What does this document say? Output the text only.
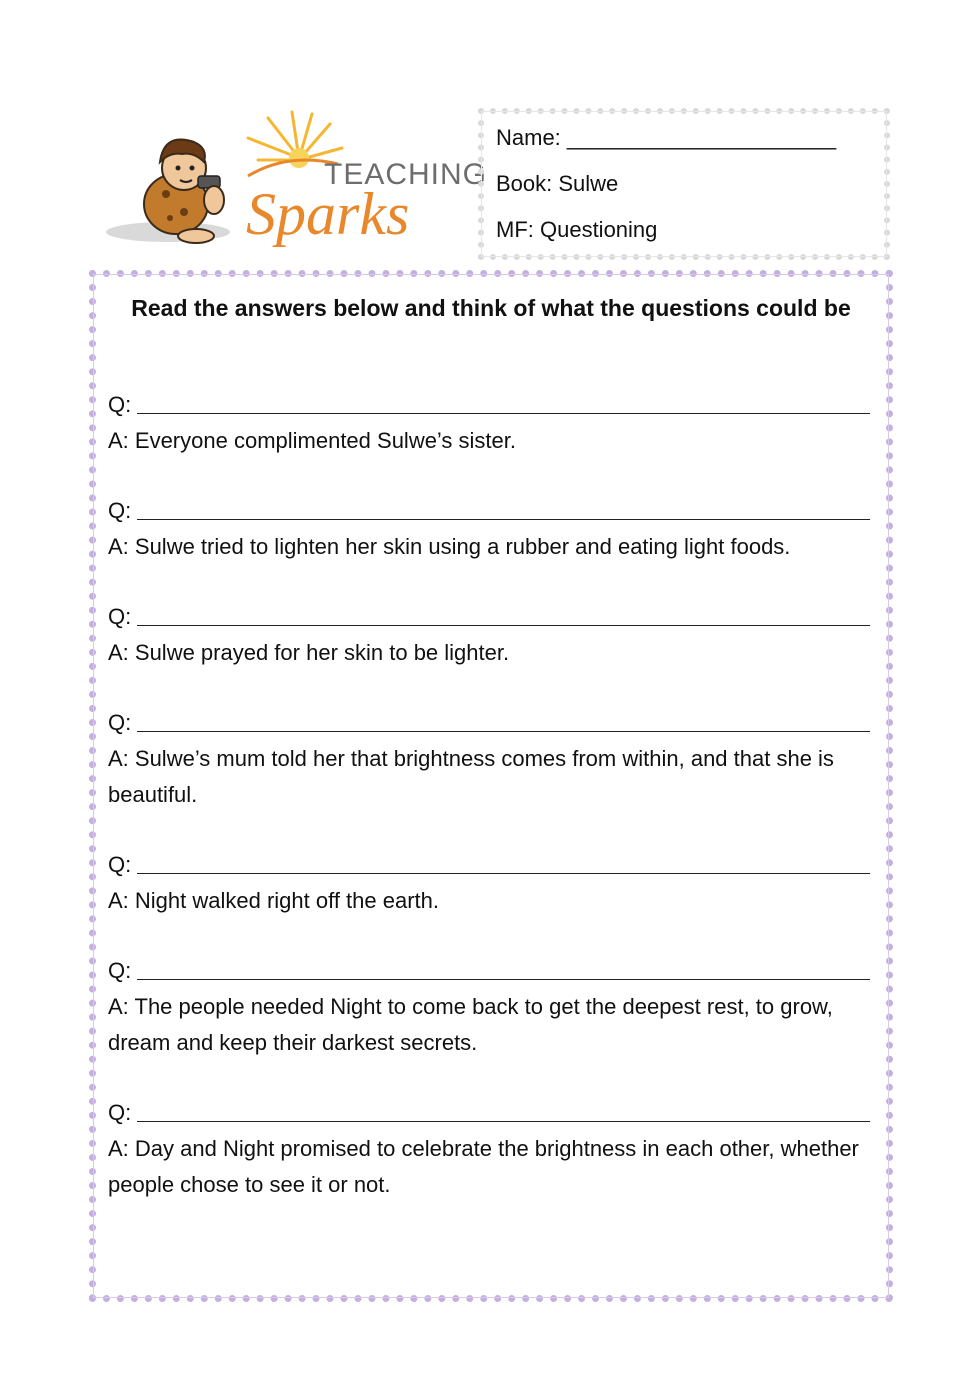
TEACHING
Sparks
Name: ______________________
Book: Sulwe
MF: Questioning
Read the answers below and think of what the questions could be
Q:

A: Everyone complimented Sulwe’s sister.

Q:

A: Sulwe tried to lighten her skin using a rubber and eating light foods.

Q:

A: Sulwe prayed for her skin to be lighter.

Q:

A: Sulwe’s mum told her that brightness comes from within, and that she is beautiful.

Q:

A: Night walked right off the earth.

Q:

A: The people needed Night to come back to get the deepest rest, to grow, dream and keep their darkest secrets.

Q:

A: Day and Night promised to celebrate the brightness in each other, whether people chose to see it or not.
